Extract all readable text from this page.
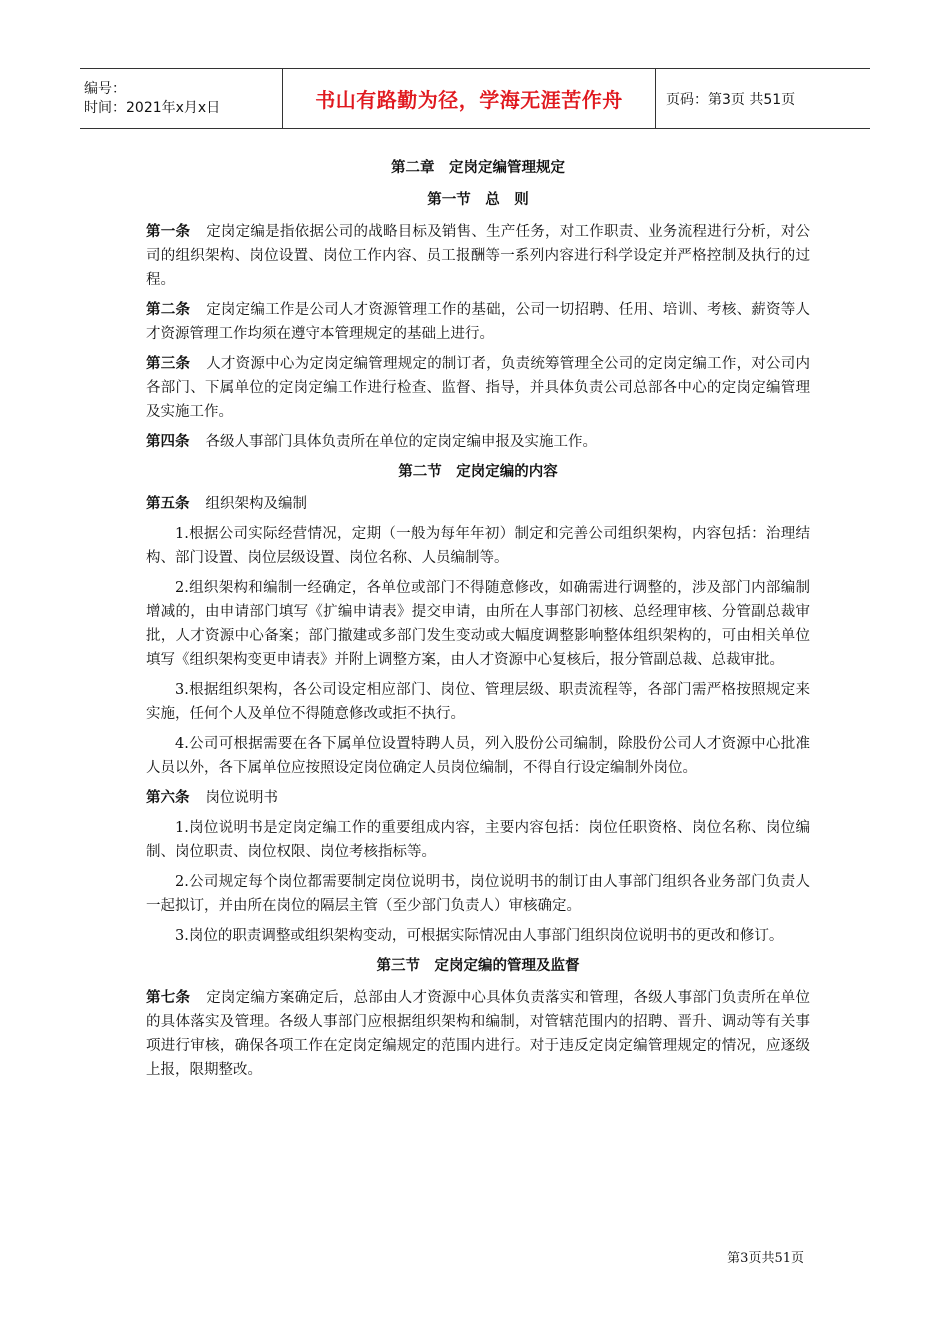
编号：
时间：2021年x月x日	书山有路勤为径，学海无涯苦作舟	页码：第3页 共51页
第二章　定岗定编管理规定
第一节　总　则

第一条 定岗定编是指依据公司的战略目标及销售、生产任务，对工作职责、业务流程进行分析，对公司的组织架构、岗位设置、岗位工作内容、员工报酬等一系列内容进行科学设定并严格控制及执行的过程。

第二条 定岗定编工作是公司人才资源管理工作的基础，公司一切招聘、任用、培训、考核、薪资等人才资源管理工作均须在遵守本管理规定的基础上进行。

第三条 人才资源中心为定岗定编管理规定的制订者，负责统筹管理全公司的定岗定编工作，对公司内各部门、下属单位的定岗定编工作进行检查、监督、指导，并具体负责公司总部各中心的定岗定编管理及实施工作。

第四条 各级人事部门具体负责所在单位的定岗定编申报及实施工作。

第二节　定岗定编的内容

第五条 组织架构及编制

1.根据公司实际经营情况，定期（一般为每年年初）制定和完善公司组织架构，内容包括：治理结构、部门设置、岗位层级设置、岗位名称、人员编制等。

2.组织架构和编制一经确定，各单位或部门不得随意修改，如确需进行调整的，涉及部门内部编制增减的，由申请部门填写《扩编申请表》提交申请，由所在人事部门初核、总经理审核、分管副总裁审批，人才资源中心备案；部门撤建或多部门发生变动或大幅度调整影响整体组织架构的，可由相关单位填写《组织架构变更申请表》并附上调整方案，由人才资源中心复核后，报分管副总裁、总裁审批。

3.根据组织架构，各公司设定相应部门、岗位、管理层级、职责流程等，各部门需严格按照规定来实施，任何个人及单位不得随意修改或拒不执行。

4.公司可根据需要在各下属单位设置特聘人员，列入股份公司编制，除股份公司人才资源中心批准人员以外，各下属单位应按照设定岗位确定人员岗位编制，不得自行设定编制外岗位。

第六条 岗位说明书

1.岗位说明书是定岗定编工作的重要组成内容，主要内容包括：岗位任职资格、岗位名称、岗位编制、岗位职责、岗位权限、岗位考核指标等。

2.公司规定每个岗位都需要制定岗位说明书，岗位说明书的制订由人事部门组织各业务部门负责人一起拟订，并由所在岗位的隔层主管（至少部门负责人）审核确定。

3.岗位的职责调整或组织架构变动，可根据实际情况由人事部门组织岗位说明书的更改和修订。

第三节　定岗定编的管理及监督

第七条 定岗定编方案确定后，总部由人才资源中心具体负责落实和管理，各级人事部门负责所在单位的具体落实及管理。各级人事部门应根据组织架构和编制，对管辖范围内的招聘、晋升、调动等有关事项进行审核，确保各项工作在定岗定编规定的范围内进行。对于违反定岗定编管理规定的情况，应逐级上报，限期整改。

第3页共51页
